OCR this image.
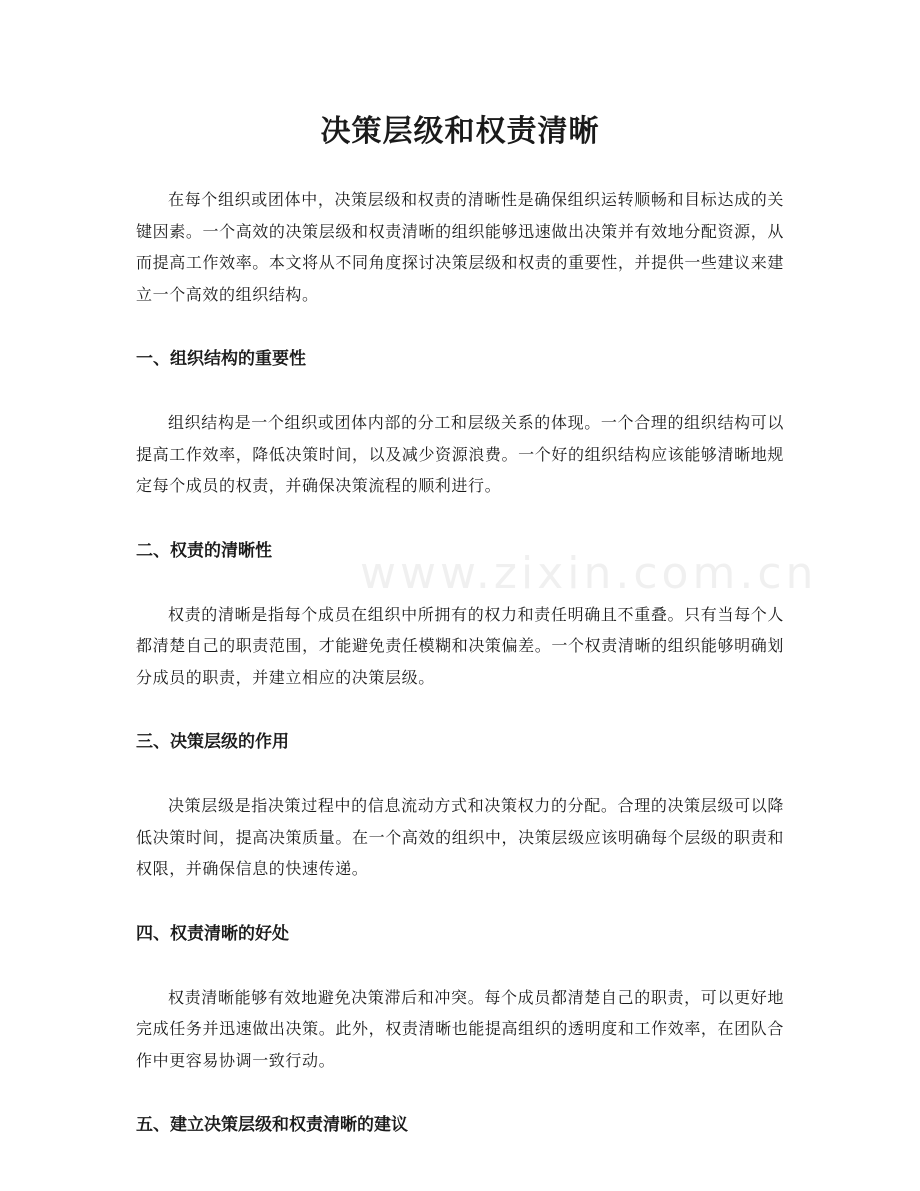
www.zixin.com.cn
决策层级和权责清晰

在每个组织或团体中，决策层级和权责的清晰性是确保组织运转顺畅和目标达成的关键因素。一个高效的决策层级和权责清晰的组织能够迅速做出决策并有效地分配资源，从而提高工作效率。本文将从不同角度探讨决策层级和权责的重要性，并提供一些建议来建立一个高效的组织结构。

一、组织结构的重要性

组织结构是一个组织或团体内部的分工和层级关系的体现。一个合理的组织结构可以提高工作效率，降低决策时间，以及减少资源浪费。一个好的组织结构应该能够清晰地规定每个成员的权责，并确保决策流程的顺利进行。

二、权责的清晰性

权责的清晰是指每个成员在组织中所拥有的权力和责任明确且不重叠。只有当每个人都清楚自己的职责范围，才能避免责任模糊和决策偏差。一个权责清晰的组织能够明确划分成员的职责，并建立相应的决策层级。

三、决策层级的作用

决策层级是指决策过程中的信息流动方式和决策权力的分配。合理的决策层级可以降低决策时间，提高决策质量。在一个高效的组织中，决策层级应该明确每个层级的职责和权限，并确保信息的快速传递。

四、权责清晰的好处

权责清晰能够有效地避免决策滞后和冲突。每个成员都清楚自己的职责，可以更好地完成任务并迅速做出决策。此外，权责清晰也能提高组织的透明度和工作效率，在团队合作中更容易协调一致行动。

五、建立决策层级和权责清晰的建议
